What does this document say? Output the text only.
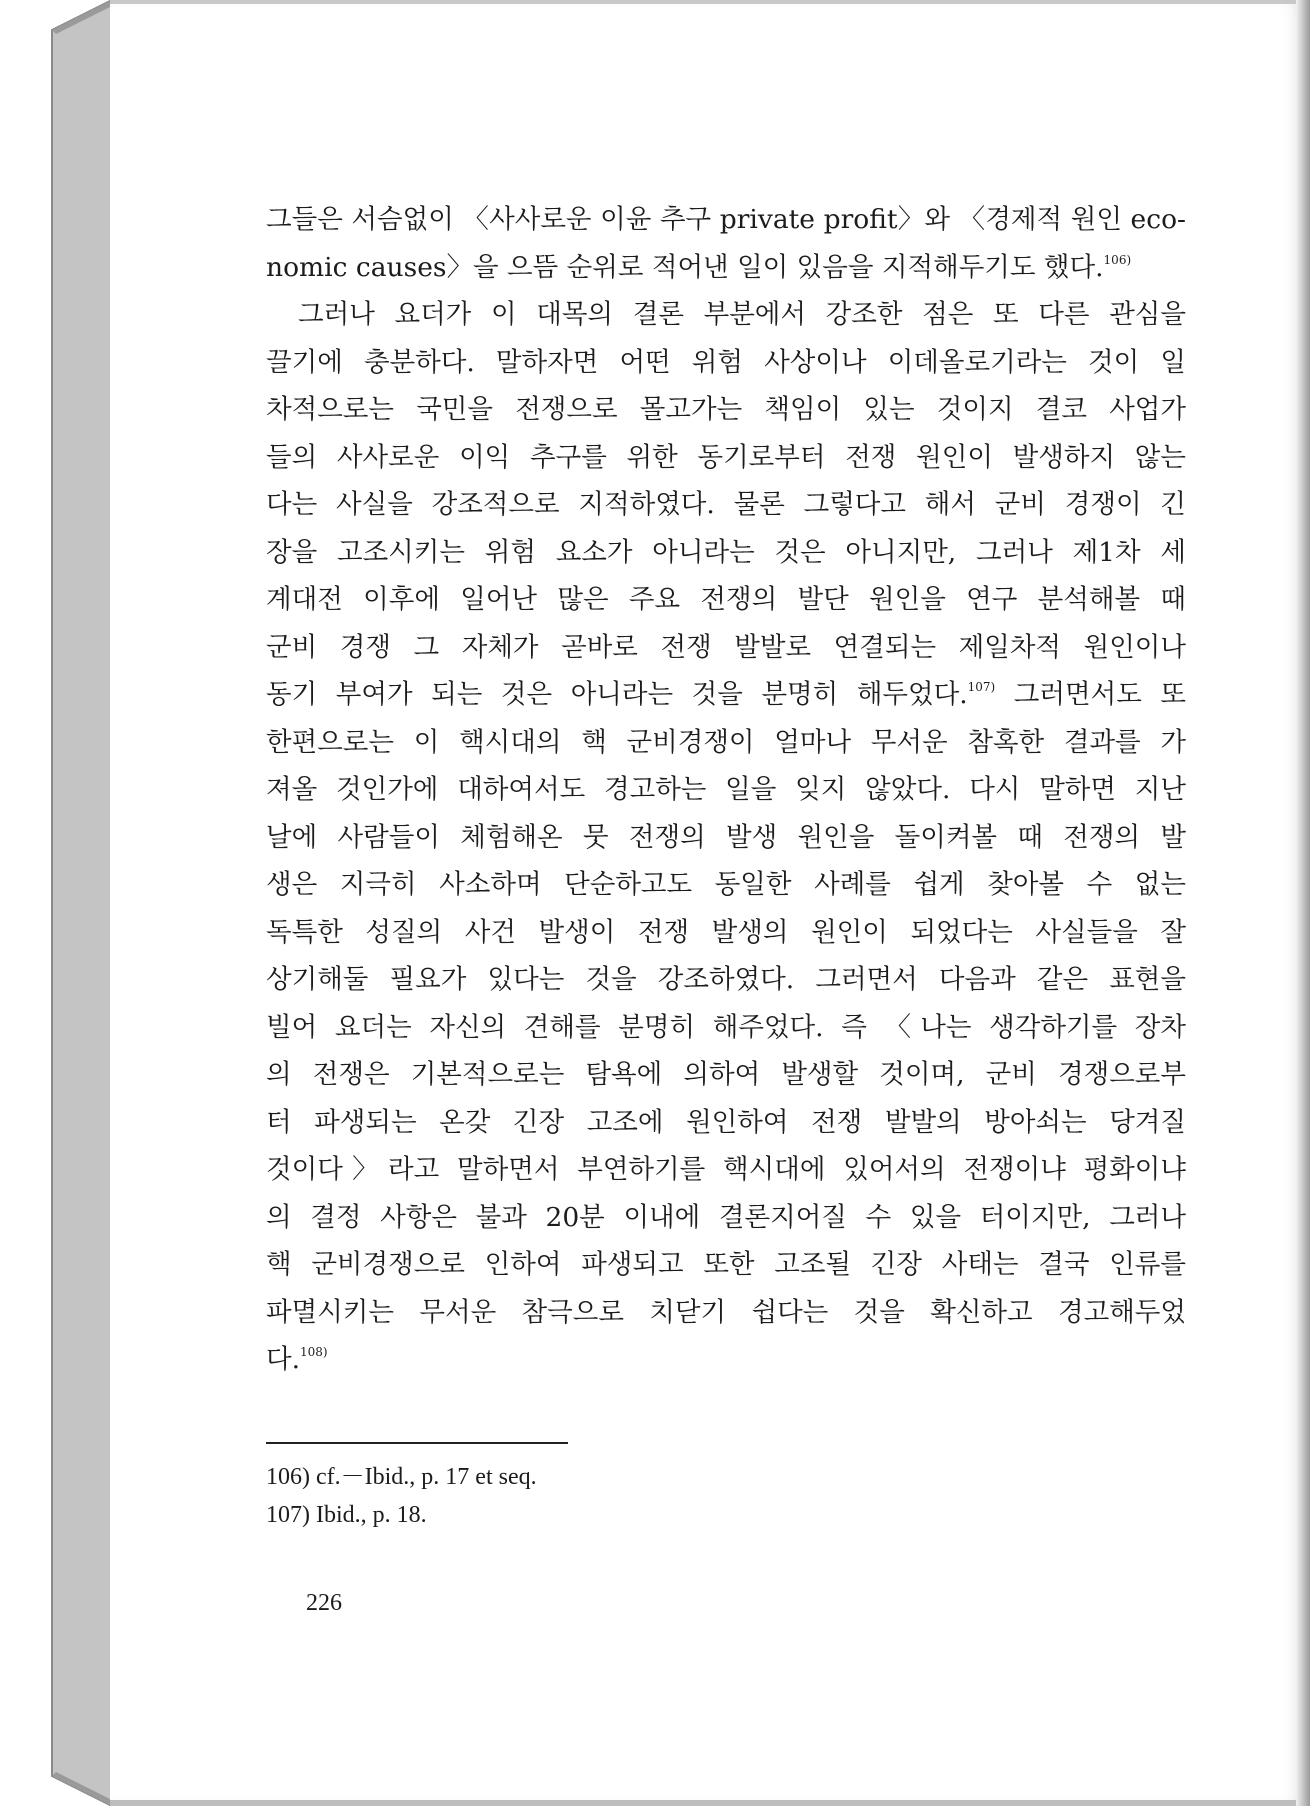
그들은 서슴없이 〈사사로운 이윤 추구 private profit〉와 〈경제적 원인 eco-
nomic causes〉을 으뜸 순위로 적어낸 일이 있음을 지적해두기도 했다.$^{106)}$
그러나 요더가 이 대목의 결론 부분에서 강조한 점은 또 다른 관심을
끌기에 충분하다. 말하자면 어떤 위험 사상이나 이데올로기라는 것이 일
차적으로는 국민을 전쟁으로 몰고가는 책임이 있는 것이지 결코 사업가
들의 사사로운 이익 추구를 위한 동기로부터 전쟁 원인이 발생하지 않는
다는 사실을 강조적으로 지적하였다. 물론 그렇다고 해서 군비 경쟁이 긴
장을 고조시키는 위험 요소가 아니라는 것은 아니지만, 그러나 제1차 세
계대전 이후에 일어난 많은 주요 전쟁의 발단 원인을 연구 분석해볼 때
군비 경쟁 그 자체가 곧바로 전쟁 발발로 연결되는 제일차적 원인이나
동기 부여가 되는 것은 아니라는 것을 분명히 해두었다.$^{107)}$ 그러면서도 또
한편으로는 이 핵시대의 핵 군비경쟁이 얼마나 무서운 참혹한 결과를 가
져올 것인가에 대하여서도 경고하는 일을 잊지 않았다. 다시 말하면 지난
날에 사람들이 체험해온 뭇 전쟁의 발생 원인을 돌이켜볼 때 전쟁의 발
생은 지극히 사소하며 단순하고도 동일한 사례를 쉽게 찾아볼 수 없는
독특한 성질의 사건 발생이 전쟁 발생의 원인이 되었다는 사실들을 잘
상기해둘 필요가 있다는 것을 강조하였다. 그러면서 다음과 같은 표현을
빌어 요더는 자신의 견해를 분명히 해주었다. 즉 〈나는 생각하기를 장차
의 전쟁은 기본적으로는 탐욕에 의하여 발생할 것이며, 군비 경쟁으로부
터 파생되는 온갖 긴장 고조에 원인하여 전쟁 발발의 방아쇠는 당겨질
것이다〉라고 말하면서 부연하기를 핵시대에 있어서의 전쟁이냐 평화이냐
의 결정 사항은 불과 20분 이내에 결론지어질 수 있을 터이지만, 그러나
핵 군비경쟁으로 인하여 파생되고 또한 고조될 긴장 사태는 결국 인류를
파멸시키는 무서운 참극으로 치닫기 쉽다는 것을 확신하고 경고해두었
다.$^{108)}$
106) cf.－Ibid., p. 17 et seq.
107) Ibid., p. 18.
226
